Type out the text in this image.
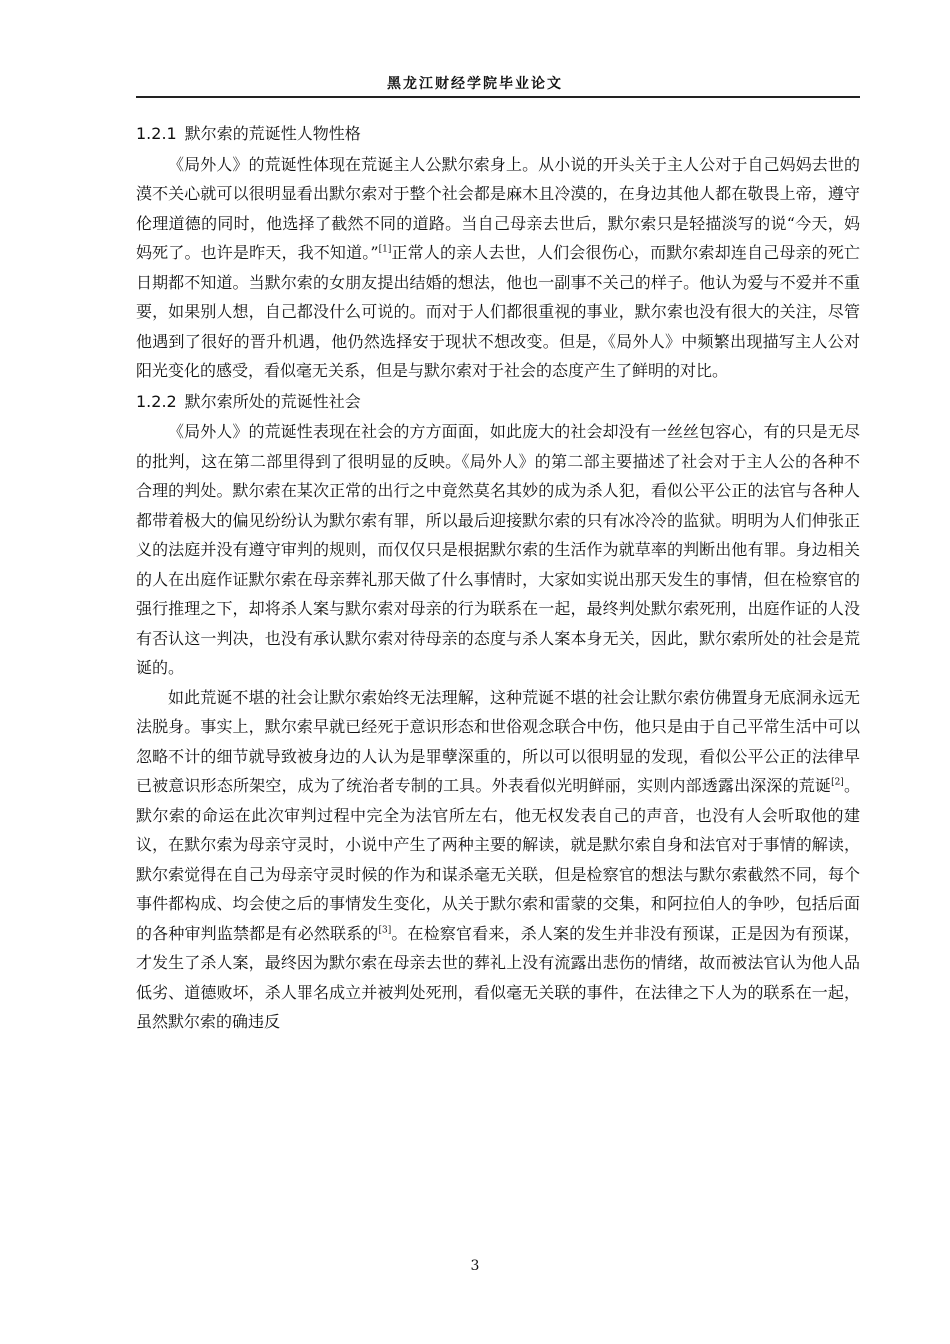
黑龙江财经学院毕业论文
1.2.1 默尔索的荒诞性人物性格

《局外人》的荒诞性体现在荒诞主人公默尔索身上。从小说的开头关于主人公对于自己妈妈去世的漠不关心就可以很明显看出默尔索对于整个社会都是麻木且冷漠的，在身边其他人都在敬畏上帝，遵守伦理道德的同时，他选择了截然不同的道路。当自己母亲去世后，默尔索只是轻描淡写的说“今天，妈妈死了。也许是昨天，我不知道。”[1]正常人的亲人去世，人们会很伤心，而默尔索却连自己母亲的死亡日期都不知道。当默尔索的女朋友提出结婚的想法，他也一副事不关己的样子。他认为爱与不爱并不重要，如果别人想，自己都没什么可说的。而对于人们都很重视的事业，默尔索也没有很大的关注，尽管他遇到了很好的晋升机遇，他仍然选择安于现状不想改变。但是，《局外人》中频繁出现描写主人公对阳光变化的感受，看似毫无关系，但是与默尔索对于社会的态度产生了鲜明的对比。

1.2.2 默尔索所处的荒诞性社会

《局外人》的荒诞性表现在社会的方方面面，如此庞大的社会却没有一丝丝包容心，有的只是无尽的批判，这在第二部里得到了很明显的反映。《局外人》的第二部主要描述了社会对于主人公的各种不合理的判处。默尔索在某次正常的出行之中竟然莫名其妙的成为杀人犯，看似公平公正的法官与各种人都带着极大的偏见纷纷认为默尔索有罪，所以最后迎接默尔索的只有冰冷冷的监狱。明明为人们伸张正义的法庭并没有遵守审判的规则，而仅仅只是根据默尔索的生活作为就草率的判断出他有罪。身边相关的人在出庭作证默尔索在母亲葬礼那天做了什么事情时，大家如实说出那天发生的事情，但在检察官的强行推理之下，却将杀人案与默尔索对母亲的行为联系在一起，最终判处默尔索死刑，出庭作证的人没有否认这一判决，也没有承认默尔索对待母亲的态度与杀人案本身无关，因此，默尔索所处的社会是荒诞的。

如此荒诞不堪的社会让默尔索始终无法理解，这种荒诞不堪的社会让默尔索仿佛置身无底洞永远无法脱身。事实上，默尔索早就已经死于意识形态和世俗观念联合中伤，他只是由于自己平常生活中可以忽略不计的细节就导致被身边的人认为是罪孽深重的，所以可以很明显的发现，看似公平公正的法律早已被意识形态所架空，成为了统治者专制的工具。外表看似光明鲜丽，实则内部透露出深深的荒诞[2]。默尔索的命运在此次审判过程中完全为法官所左右，他无权发表自己的声音，也没有人会听取他的建议，在默尔索为母亲守灵时，小说中产生了两种主要的解读，就是默尔索自身和法官对于事情的解读，默尔索觉得在自己为母亲守灵时候的作为和谋杀毫无关联，但是检察官的想法与默尔索截然不同，每个事件都构成、均会使之后的事情发生变化，从关于默尔索和雷蒙的交集，和阿拉伯人的争吵，包括后面的各种审判监禁都是有必然联系的[3]。在检察官看来，杀人案的发生并非没有预谋，正是因为有预谋，才发生了杀人案，最终因为默尔索在母亲去世的葬礼上没有流露出悲伤的情绪，故而被法官认为他人品低劣、道德败坏，杀人罪名成立并被判处死刑，看似毫无关联的事件，在法律之下人为的联系在一起，虽然默尔索的确违反

3
